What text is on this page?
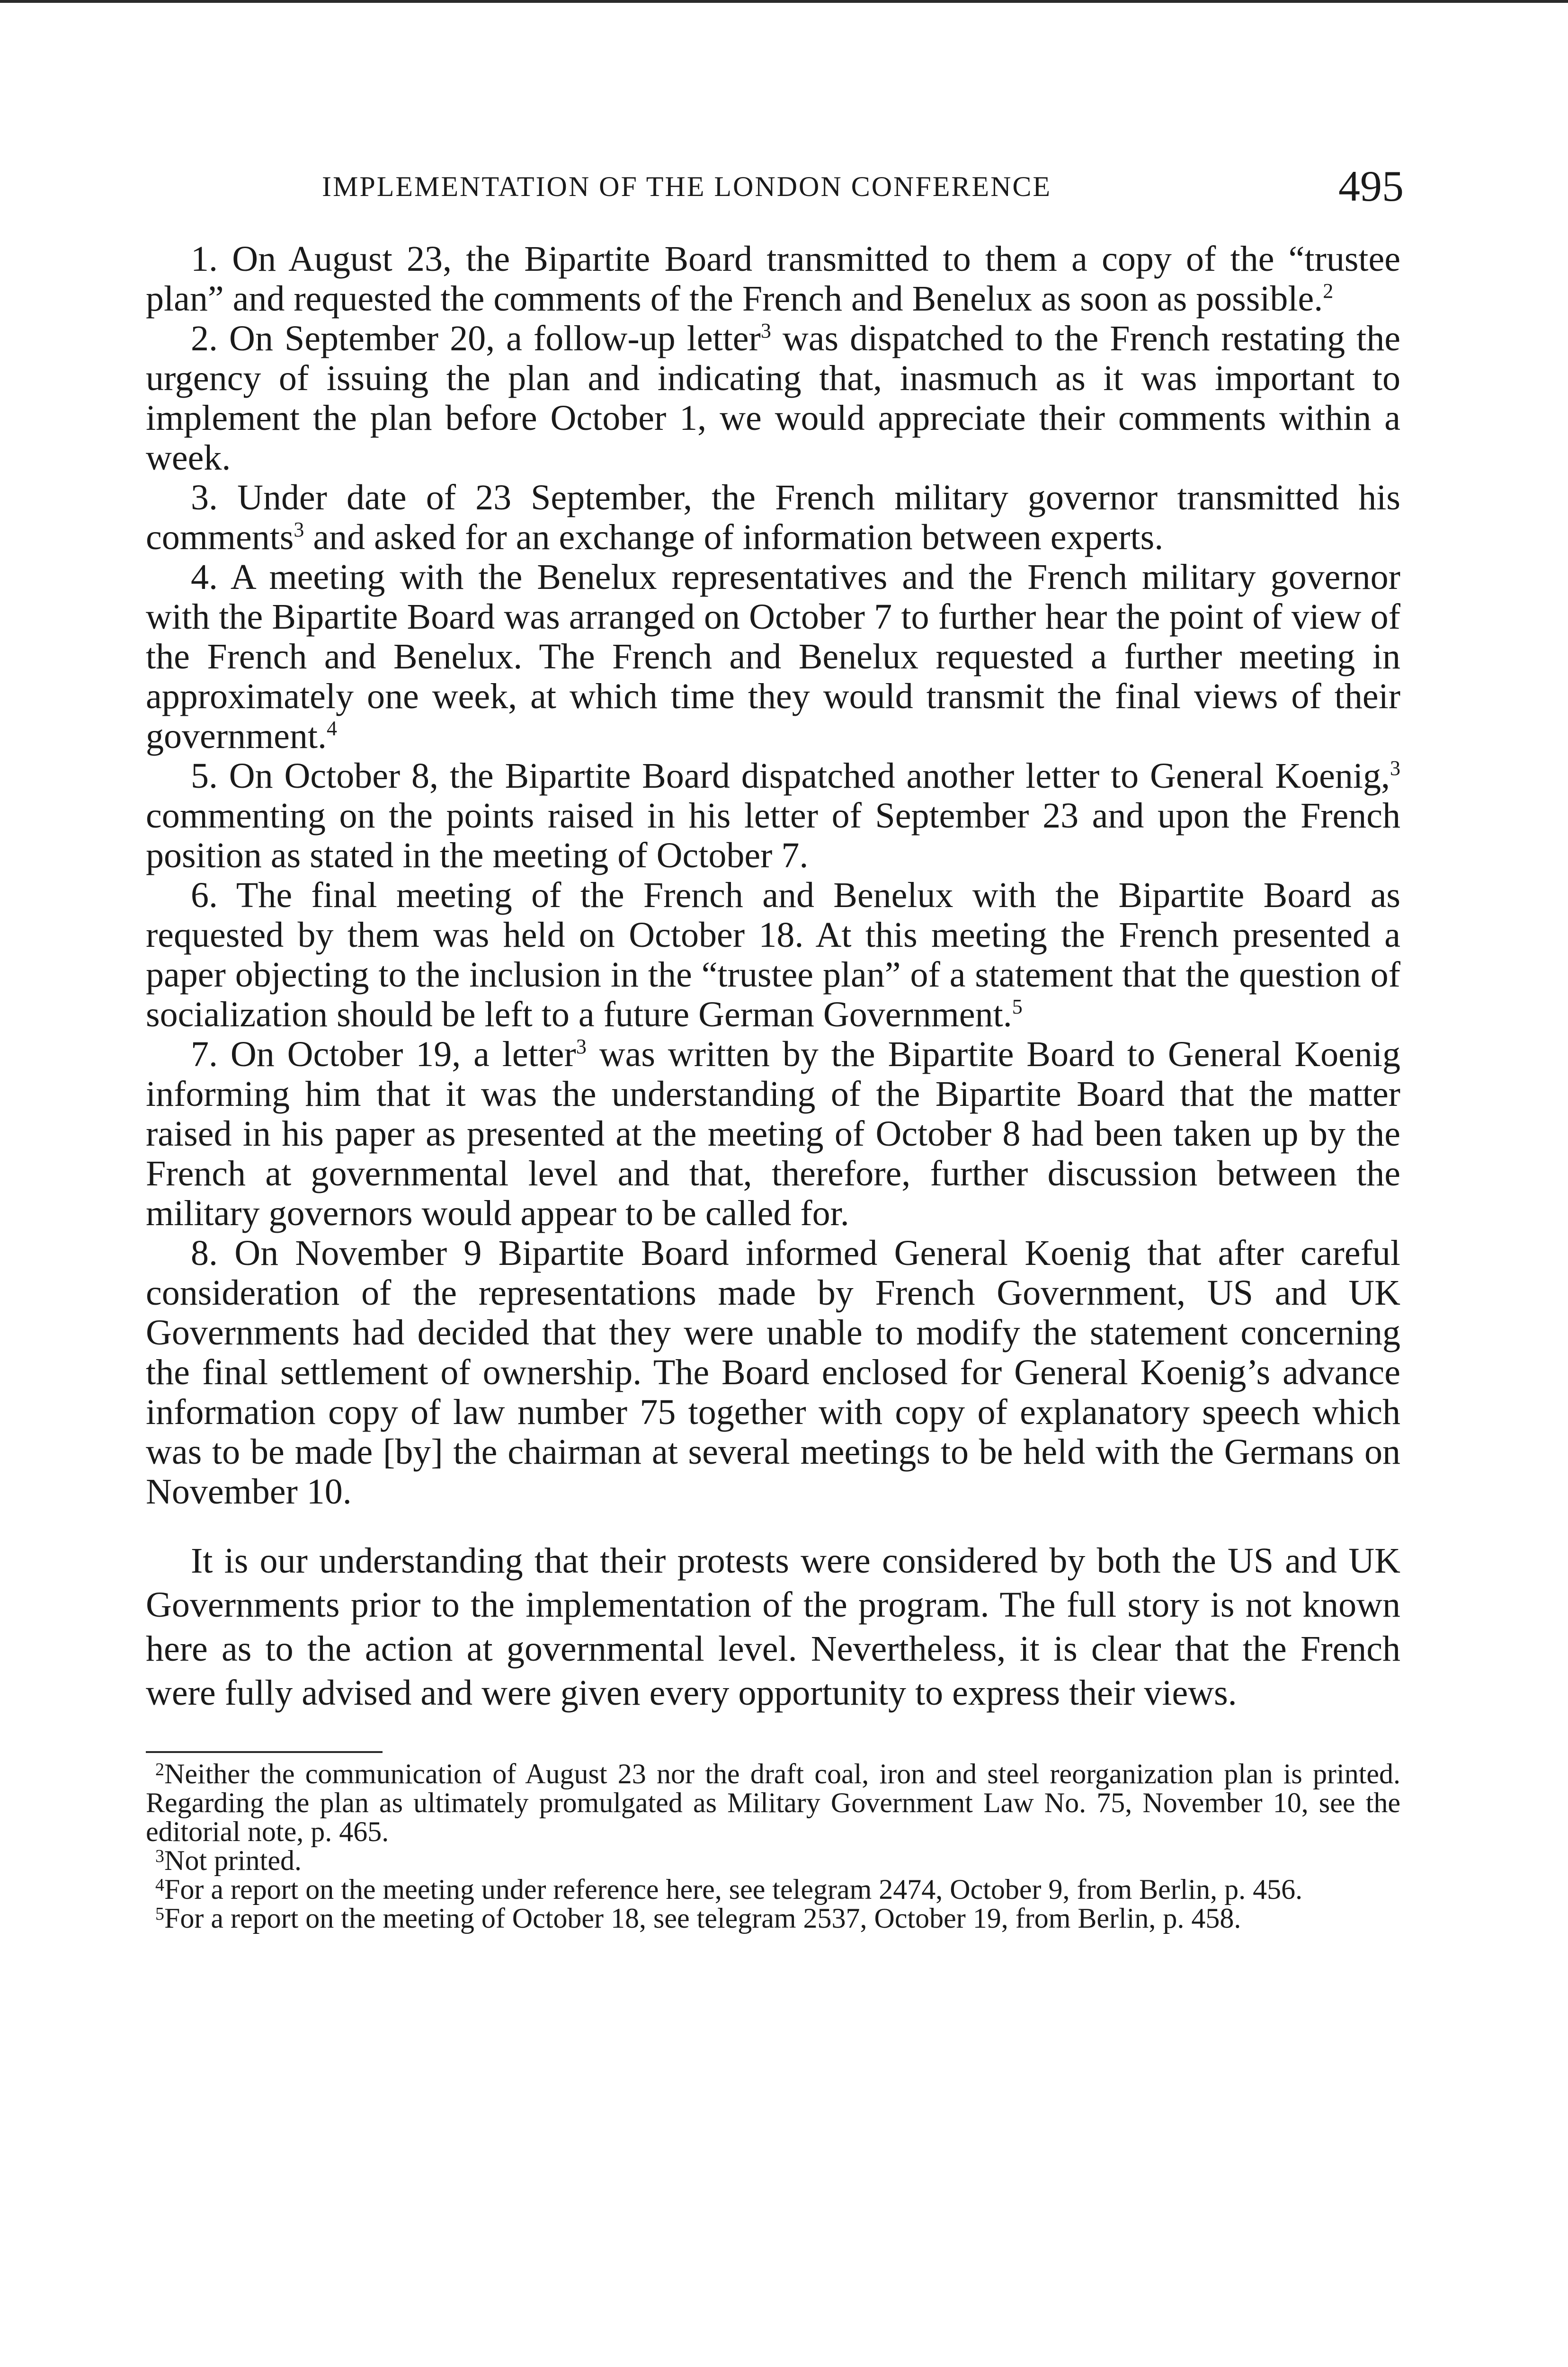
IMPLEMENTATION OF THE LONDON CONFERENCE	495

1. On August 23, the Bipartite Board transmitted to them a copy of the “trustee plan” and requested the comments of the French and Benelux as soon as possible.$^2$

2. On September 20, a follow-up letter$^3$ was dispatched to the French restating the urgency of issuing the plan and indicating that, inasmuch as it was important to implement the plan before October 1, we would appreciate their comments within a week.

3. Under date of 23 September, the French military governor transmitted his comments$^3$ and asked for an exchange of information between experts.

4. A meeting with the Benelux representatives and the French military governor with the Bipartite Board was arranged on October 7 to further hear the point of view of the French and Benelux. The French and Benelux requested a further meeting in approximately one week, at which time they would transmit the final views of their government.$^4$

5. On October 8, the Bipartite Board dispatched another letter to General Koenig,$^3$ commenting on the points raised in his letter of September 23 and upon the French position as stated in the meeting of October 7.

6. The final meeting of the French and Benelux with the Bipartite Board as requested by them was held on October 18. At this meeting the French presented a paper objecting to the inclusion in the “trustee plan” of a statement that the question of socialization should be left to a future German Government.$^5$

7. On October 19, a letter$^3$ was written by the Bipartite Board to General Koenig informing him that it was the understanding of the Bipartite Board that the matter raised in his paper as presented at the meeting of October 8 had been taken up by the French at governmental level and that, therefore, further discussion between the military governors would appear to be called for.

8. On November 9 Bipartite Board informed General Koenig that after careful consideration of the representations made by French Government, US and UK Governments had decided that they were unable to modify the statement concerning the final settlement of ownership. The Board enclosed for General Koenig’s advance information copy of law number 75 together with copy of explanatory speech which was to be made [by] the chairman at several meetings to be held with the Germans on November 10.

It is our understanding that their protests were considered by both the US and UK Governments prior to the implementation of the program. The full story is not known here as to the action at governmental level. Nevertheless, it is clear that the French were fully advised and were given every opportunity to express their views.

$^2$Neither the communication of August 23 nor the draft coal, iron and steel reorganization plan is printed. Regarding the plan as ultimately promulgated as Military Government Law No. 75, November 10, see the editorial note, p. 465.

$^3$Not printed.

$^4$For a report on the meeting under reference here, see telegram 2474, October 9, from Berlin, p. 456.

$^5$For a report on the meeting of October 18, see telegram 2537, October 19, from Berlin, p. 458.
